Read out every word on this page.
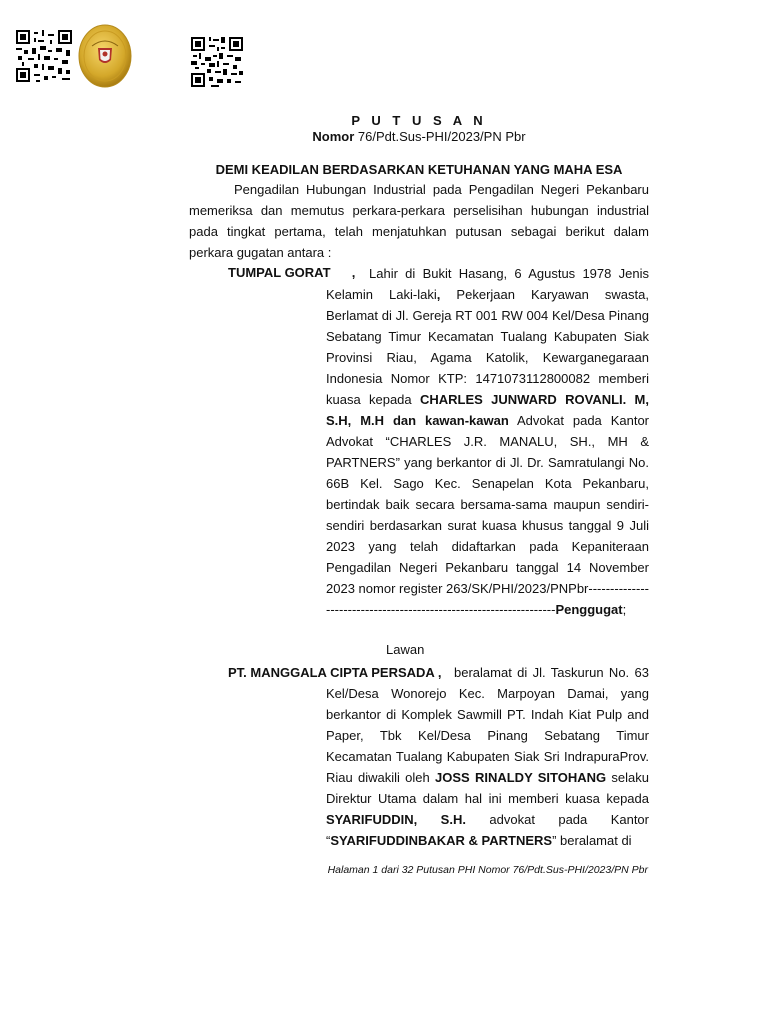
P U T U S A N
Nomor 76/Pdt.Sus-PHI/2023/PN Pbr
DEMI KEADILAN BERDASARKAN KETUHANAN YANG MAHA ESA
Pengadilan Hubungan Industrial pada Pengadilan Negeri Pekanbaru memeriksa dan memutus perkara-perkara perselisihan hubungan industrial pada tingkat pertama, telah menjatuhkan putusan sebagai berikut dalam perkara gugatan antara :
TUMPAL GORAT ,	Lahir di Bukit Hasang, 6 Agustus 1978 Jenis Kelamin Laki-laki, Pekerjaan Karyawan swasta, Berlamat di Jl. Gereja RT 001 RW 004 Kel/Desa Pinang Sebatang Timur Kecamatan Tualang Kabupaten Siak Provinsi Riau, Agama Katolik, Kewarganegaraan Indonesia Nomor KTP: 1471073112800082 memberi kuasa kepada CHARLES JUNWARD ROVANLI. M, S.H, M.H dan kawan-kawan Advokat pada Kantor Advokat “CHARLES J.R. MANALU, SH., MH & PARTNERS” yang berkantor di Jl. Dr. Samratulangi No. 66B Kel. Sago Kec. Senapelan Kota Pekanbaru, bertindak baik secara bersama-sama maupun sendiri-sendiri berdasarkan surat kuasa khusus tanggal 9 Juli 2023 yang telah didaftarkan pada Kepaniteraan Pengadilan Negeri Pekanbaru tanggal 14 November 2023 nomor register 263/SK/PHI/2023/PNPbr-------------------------------------------------------------------Penggugat;
Lawan
PT. MANGGALA CIPTA PERSADA , beralamat di Jl. Taskurun No. 63 Kel/Desa Wonorejo Kec. Marpoyan Damai, yang berkantor di Komplek Sawmill PT. Indah Kiat Pulp and Paper, Tbk Kel/Desa Pinang Sebatang Timur Kecamatan Tualang Kabupaten Siak Sri IndrapuraProv. Riau diwakili oleh JOSS RINALDY SITOHANG selaku Direktur Utama dalam hal ini memberi kuasa kepada SYARIFUDDIN, S.H. advokat pada Kantor “SYARIFUDDINBAKAR & PARTNERS” beralamat di
Halaman 1 dari 32 Putusan PHI Nomor 76/Pdt.Sus-PHI/2023/PN Pbr
